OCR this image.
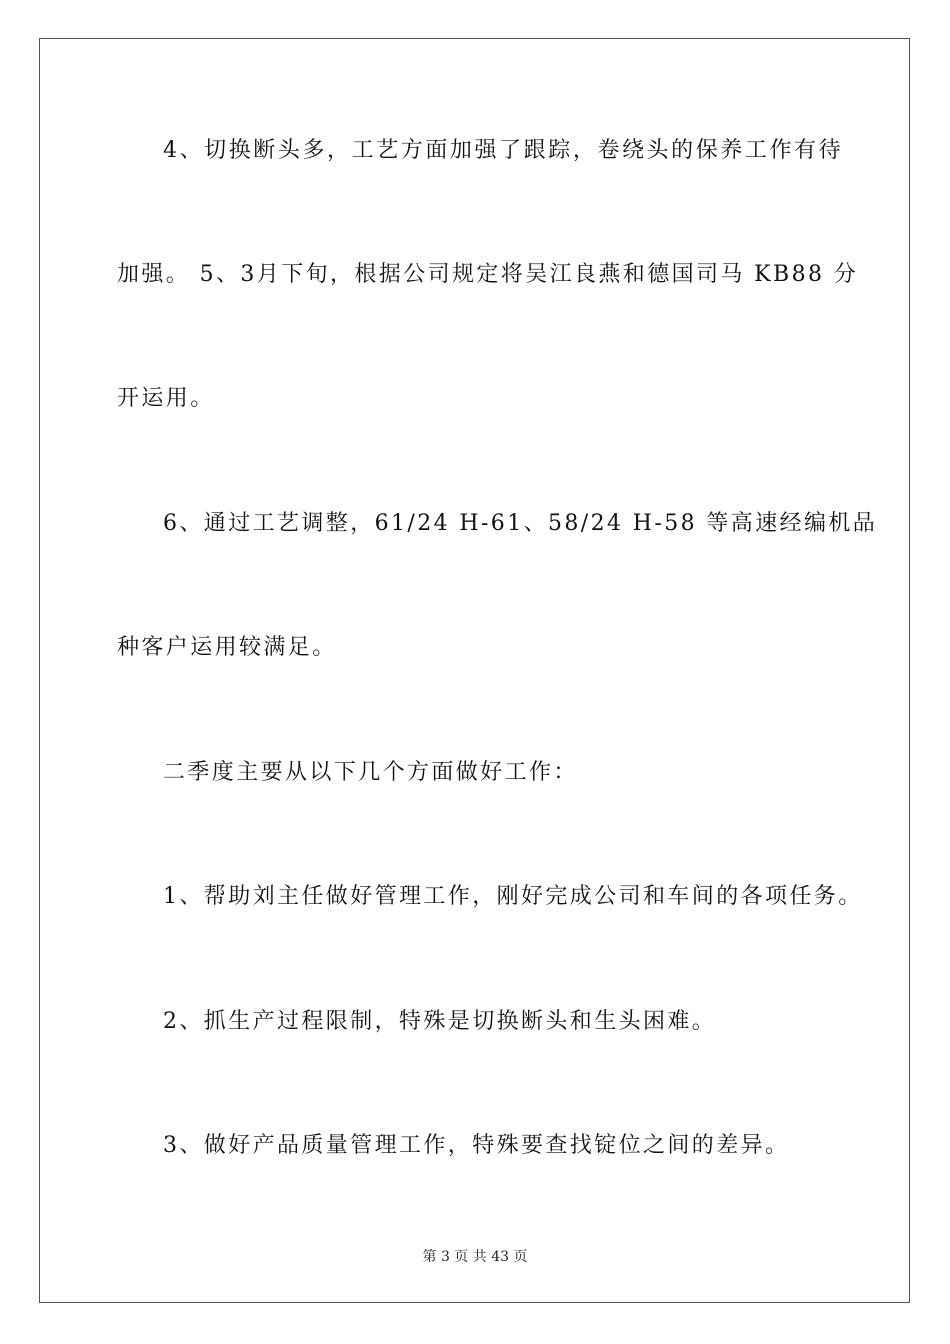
4、切换断头多，工艺方面加强了跟踪，卷绕头的保养工作有待
加强。 5、3月下旬，根据公司规定将吴江良燕和德国司马 KB88 分
开运用。
6、通过工艺调整，61/24 H-61、58/24 H-58 等高速经编机品
种客户运用较满足。
二季度主要从以下几个方面做好工作：
1、帮助刘主任做好管理工作，刚好完成公司和车间的各项任务。
2、抓生产过程限制，特殊是切换断头和生头困难。
3、做好产品质量管理工作，特殊要查找锭位之间的差异。
第 3 页 共 43 页
